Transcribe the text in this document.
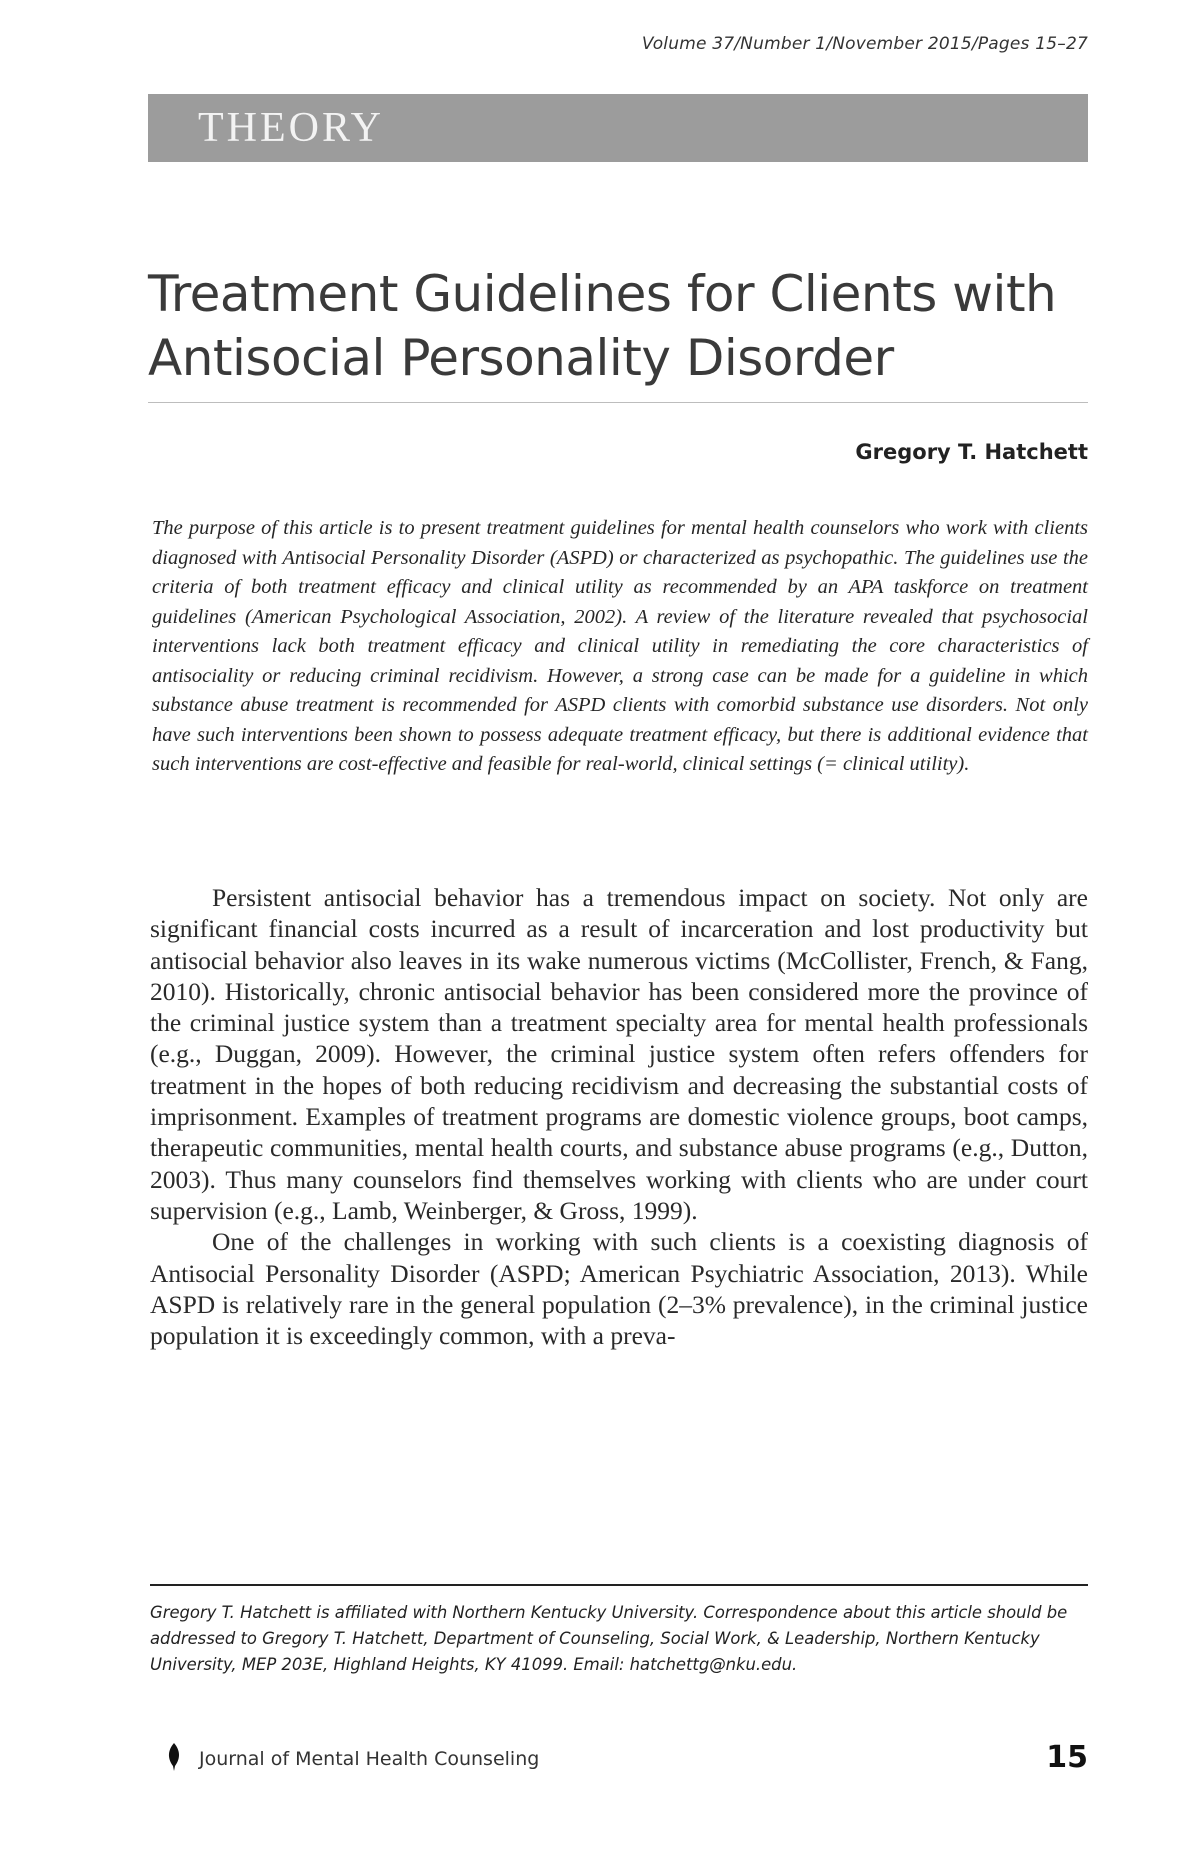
Volume 37/Number 1/November 2015/Pages 15–27
THEORY
Treatment Guidelines for Clients with Antisocial Personality Disorder
Gregory T. Hatchett

The purpose of this article is to present treatment guidelines for mental health counselors who work with clients diagnosed with Antisocial Personality Disorder (ASPD) or characterized as psychopathic. The guidelines use the criteria of both treatment efficacy and clinical utility as recommended by an APA taskforce on treatment guidelines (American Psychological Association, 2002). A review of the literature revealed that psychosocial interventions lack both treatment efficacy and clinical utility in remediating the core characteristics of antisociality or reducing criminal recidivism. However, a strong case can be made for a guideline in which substance abuse treatment is recommended for ASPD clients with comorbid substance use disorders. Not only have such interventions been shown to possess adequate treatment efficacy, but there is additional evidence that such interventions are cost-effective and feasible for real-world, clinical settings (= clinical utility).

Persistent antisocial behavior has a tremendous impact on society. Not only are significant financial costs incurred as a result of incarceration and lost productivity but antisocial behavior also leaves in its wake numerous victims (McCollister, French, & Fang, 2010). Historically, chronic antisocial behavior has been considered more the province of the criminal justice system than a treatment specialty area for mental health professionals (e.g., Duggan, 2009). However, the criminal justice system often refers offenders for treatment in the hopes of both reducing recidivism and decreasing the substantial costs of imprisonment. Examples of treatment programs are domestic violence groups, boot camps, therapeutic communities, mental health courts, and substance abuse programs (e.g., Dutton, 2003). Thus many counselors find themselves working with clients who are under court supervision (e.g., Lamb, Weinberger, & Gross, 1999).

One of the challenges in working with such clients is a coexisting diagnosis of Antisocial Personality Disorder (ASPD; American Psychiatric Association, 2013). While ASPD is relatively rare in the general population (2–3% prevalence), in the criminal justice population it is exceedingly common, with a preva-

Gregory T. Hatchett is affiliated with Northern Kentucky University. Correspondence about this article should be addressed to Gregory T. Hatchett, Department of Counseling, Social Work, & Leadership, Northern Kentucky University, MEP 203E, Highland Heights, KY 41099. Email: hatchettg@nku.edu.

Journal of Mental Health Counseling	15
